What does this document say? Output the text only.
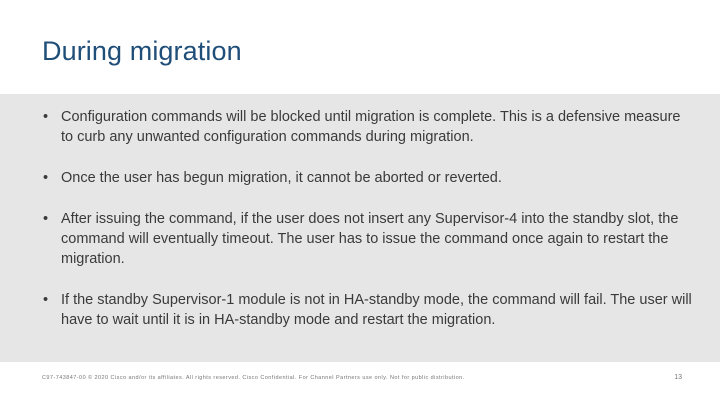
During migration
• Configuration commands will be blocked until migration is complete. This is a defensive measure to curb any unwanted configuration commands during migration.
• Once the user has begun migration, it cannot be aborted or reverted.
• After issuing the command, if the user does not insert any Supervisor-4 into the standby slot, the command will eventually timeout. The user has to issue the command once again to restart the migration.
• If the standby Supervisor-1 module is not in HA-standby mode, the command will fail. The user will have to wait until it is in HA-standby mode and restart the migration.
C97-743847-00 © 2020 Cisco and/or its affiliates. All rights reserved. Cisco Confidential. For Channel Partners use only. Not for public distribution.	13
